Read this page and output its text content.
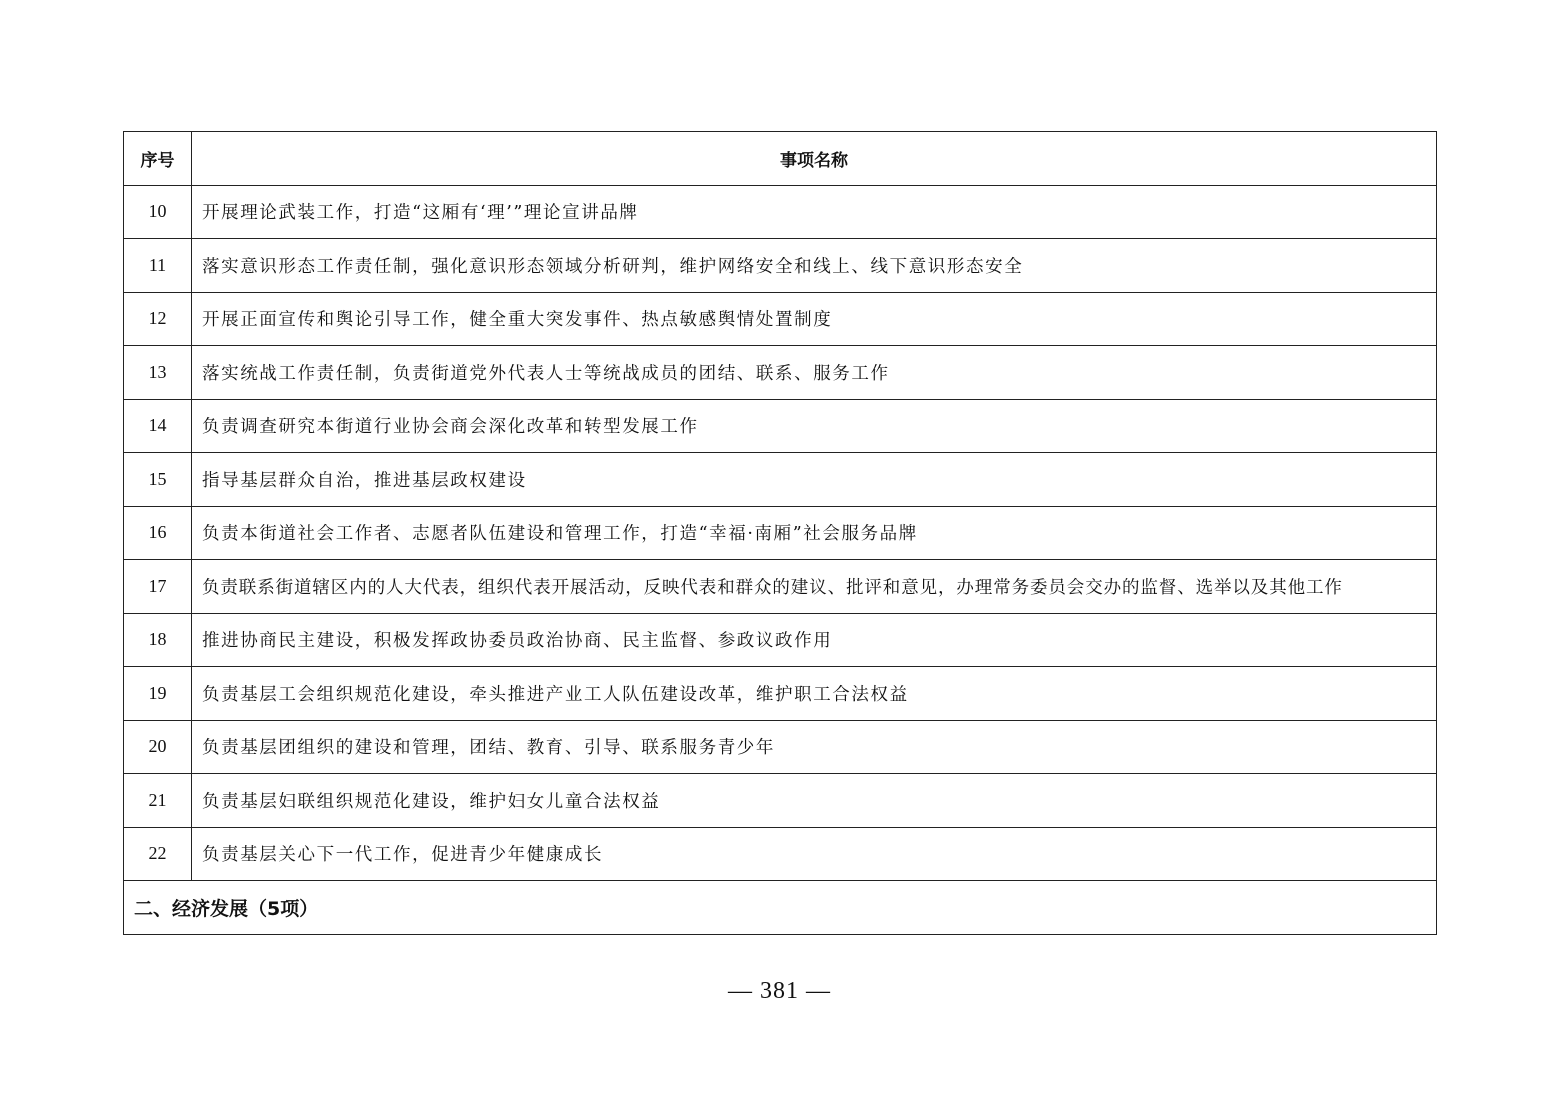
序号	事项名称
10	开展理论武装工作，打造“这厢有‘理’”理论宣讲品牌
11	落实意识形态工作责任制，强化意识形态领域分析研判，维护网络安全和线上、线下意识形态安全
12	开展正面宣传和舆论引导工作，健全重大突发事件、热点敏感舆情处置制度
13	落实统战工作责任制，负责街道党外代表人士等统战成员的团结、联系、服务工作
14	负责调查研究本街道行业协会商会深化改革和转型发展工作
15	指导基层群众自治，推进基层政权建设
16	负责本街道社会工作者、志愿者队伍建设和管理工作，打造“幸福·南厢”社会服务品牌
17	负责联系街道辖区内的人大代表，组织代表开展活动，反映代表和群众的建议、批评和意见，办理常务委员会交办的监督、选举以及其他工作
18	推进协商民主建设，积极发挥政协委员政治协商、民主监督、参政议政作用
19	负责基层工会组织规范化建设，牵头推进产业工人队伍建设改革，维护职工合法权益
20	负责基层团组织的建设和管理，团结、教育、引导、联系服务青少年
21	负责基层妇联组织规范化建设，维护妇女儿童合法权益
22	负责基层关心下一代工作，促进青少年健康成长
二、经济发展（5项）	
— 381 —
